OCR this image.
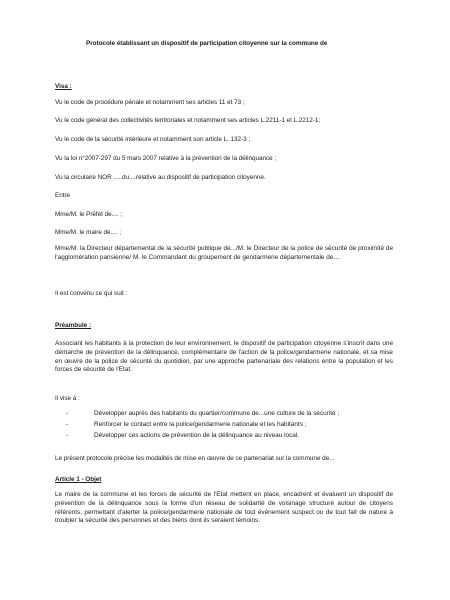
Protocole établissant un dispositif de participation citoyenne sur la commune de
Visa :
Vu le code de procédure pénale et notamment ses articles 11 et 73 ;
Vu le code général des collectivités territoriales et notamment ses articles L.2211-1 et L.2212-1;
Vu le code de la sécurité intérieure et notamment son article L. 132-3 ;
Vu la loi n°2007-297 du 5 mars 2007 relative à la prévention de la délinquance ;
Vu la circulaire NOR .....du....relative au dispositif de participation citoyenne.
Entre
Mme/M. le Préfet de.... ;
Mme/M. le maire de.... ;
Mme/M. la Directeur départemental de la sécurité publique de.../M. le Directeur de la police de sécurité de proximité de l'agglomération parisienne/ M. le Commandant du groupement de gendarmerie départementale de....
Il est convenu ce qui suit :
Préambule :
Associant les habitants à la protection de leur environnement, le dispositif de participation citoyenne s'inscrit dans une démarche de prévention de la délinquance, complémentaire de l'action de la police/gendarmerie nationale, et sa mise en œuvre de la police de sécurité du quotidien, par une approche partenariale des relations entre la population et les forces de sécurité de l'Etat.
Il vise à :
-	Développer auprès des habitants du quartier/commune de...une culture de la sécurité ;
-	Renforcer le contact entre la police/gendarmerie nationale et les habitants ;
-	Développer ces actions de prévention de la délinquance au niveau local.
Le présent protocole précise les modalités de mise en œuvre de ce partenariat sur la commune de...
Article 1 - Objet
Le maire de la commune et les forces de sécurité de l'Etat mettent en place, encadrent et évaluent un dispositif de prévention de la délinquance sous la forme d'un réseau de solidarité de voisinage structuré autour de citoyens référents, permettant d'alerter la police/gendarmerie nationale de tout événement suspect ou de tout fait de nature à troubler la sécurité des personnes et des biens dont ils seraient témoins.
